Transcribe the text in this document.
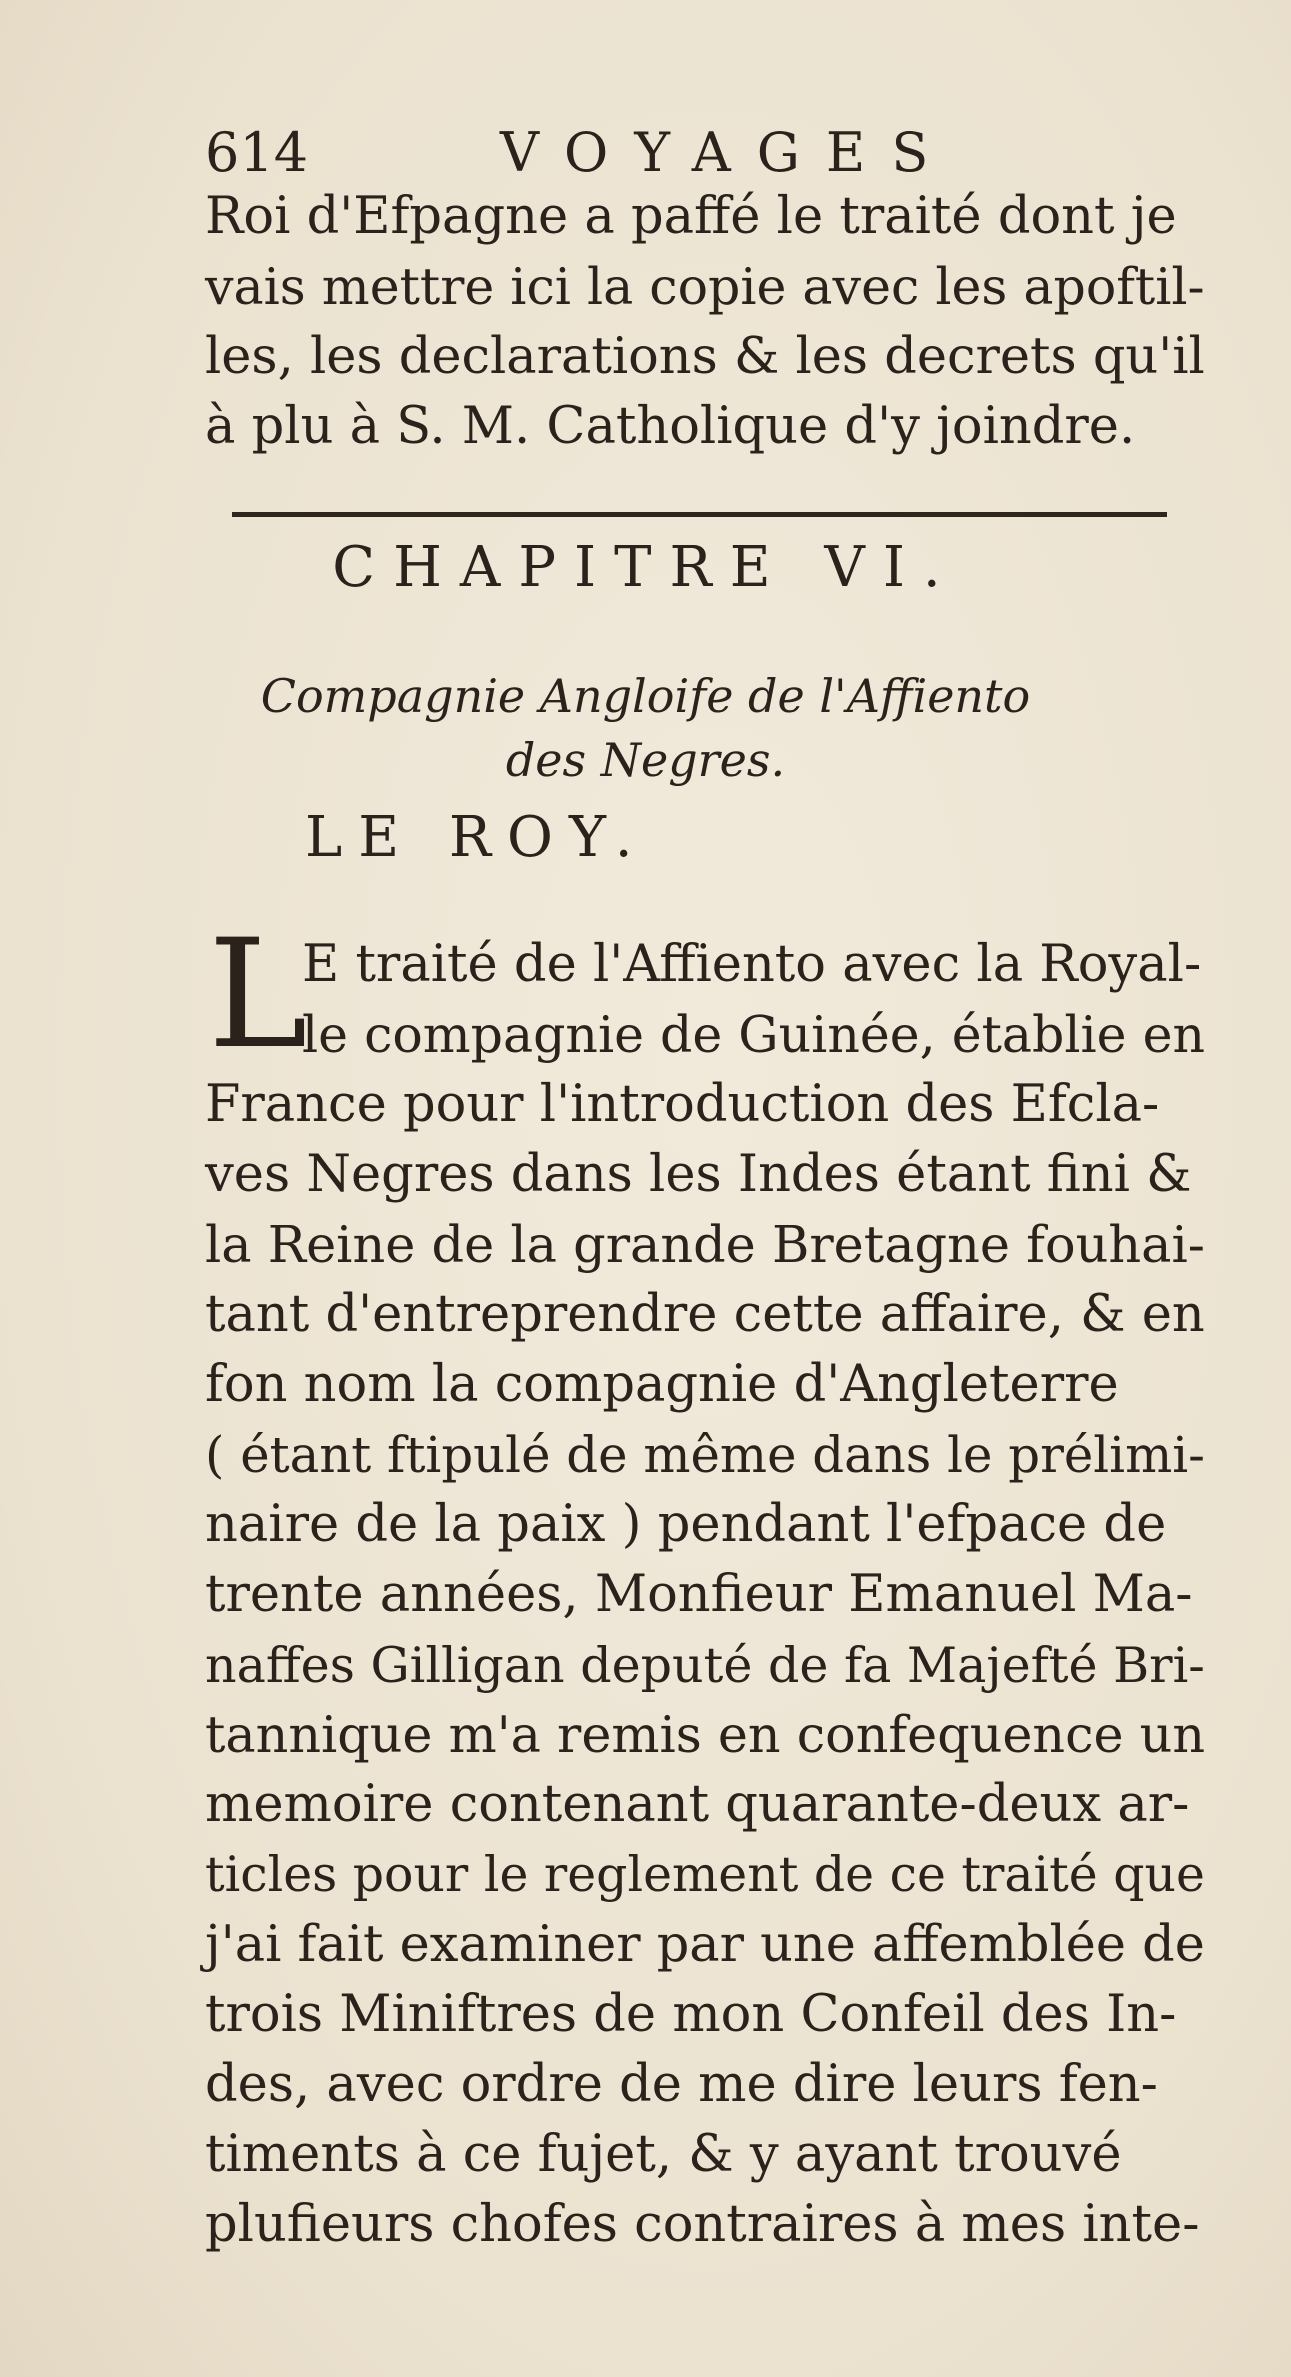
614	VOYAGES
Roi d'Efpagne a paffé le traité dont je
vais mettre ici la copie avec les apoftil-
les, les declarations & les decrets qu'il
à plu à S. M. Catholique d'y joindre.
CHAPITRE VI.
Compagnie Angloife de l'Affiento
des Negres.
LE ROY.
L
E traité de l'Affiento avec la Royal-
le compagnie de Guinée, établie en
France pour l'introduction des Efcla-
ves Negres dans les Indes étant fini &
la Reine de la grande Bretagne fouhai-
tant d'entreprendre cette affaire, & en
fon nom la compagnie d'Angleterre
( étant ftipulé de même dans le prélimi-
naire de la paix ) pendant l'efpace de
trente années, Monfieur Emanuel Ma-
naffes Gilligan deputé de fa Majefté Bri-
tannique m'a remis en confequence un
memoire contenant quarante-deux ar-
ticles pour le reglement de ce traité que
j'ai fait examiner par une affemblée de
trois Miniftres de mon Confeil des In-
des, avec ordre de me dire leurs fen-
timents à ce fujet, & y ayant trouvé
plufieurs chofes contraires à mes inte-
